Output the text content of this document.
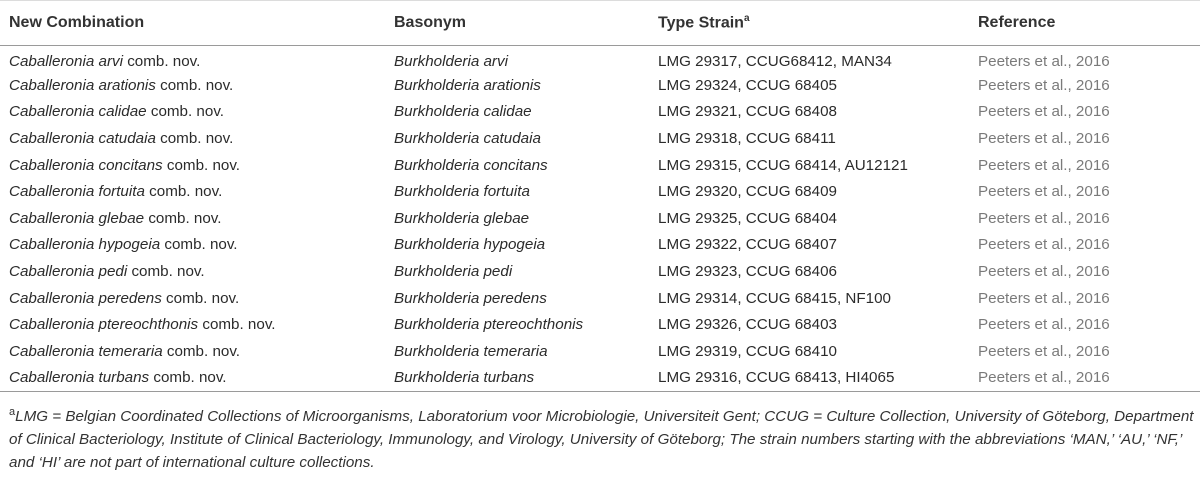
New Combination	Basonym	Type Strain$^a$	Reference
Caballeronia arvi comb. nov.	Burkholderia arvi	LMG 29317, CCUG68412, MAN34	Peeters et al., 2016
Caballeronia arationis comb. nov.	Burkholderia arationis	LMG 29324, CCUG 68405	Peeters et al., 2016
Caballeronia calidae comb. nov.	Burkholderia calidae	LMG 29321, CCUG 68408	Peeters et al., 2016
Caballeronia catudaia comb. nov.	Burkholderia catudaia	LMG 29318, CCUG 68411	Peeters et al., 2016
Caballeronia concitans comb. nov.	Burkholderia concitans	LMG 29315, CCUG 68414, AU12121	Peeters et al., 2016
Caballeronia fortuita comb. nov.	Burkholderia fortuita	LMG 29320, CCUG 68409	Peeters et al., 2016
Caballeronia glebae comb. nov.	Burkholderia glebae	LMG 29325, CCUG 68404	Peeters et al., 2016
Caballeronia hypogeia comb. nov.	Burkholderia hypogeia	LMG 29322, CCUG 68407	Peeters et al., 2016
Caballeronia pedi comb. nov.	Burkholderia pedi	LMG 29323, CCUG 68406	Peeters et al., 2016
Caballeronia peredens comb. nov.	Burkholderia peredens	LMG 29314, CCUG 68415, NF100	Peeters et al., 2016
Caballeronia ptereochthonis comb. nov.	Burkholderia ptereochthonis	LMG 29326, CCUG 68403	Peeters et al., 2016
Caballeronia temeraria comb. nov.	Burkholderia temeraria	LMG 29319, CCUG 68410	Peeters et al., 2016
Caballeronia turbans comb. nov.	Burkholderia turbans	LMG 29316, CCUG 68413, HI4065	Peeters et al., 2016
$^a$LMG = Belgian Coordinated Collections of Microorganisms, Laboratorium voor Microbiologie, Universiteit Gent; CCUG = Culture Collection, University of Göteborg, Department of Clinical Bacteriology, Institute of Clinical Bacteriology, Immunology, and Virology, University of Göteborg; The strain numbers starting with the abbreviations ‘MAN,’ ‘AU,’ ‘NF,’ and ‘HI’ are not part of international culture collections.
